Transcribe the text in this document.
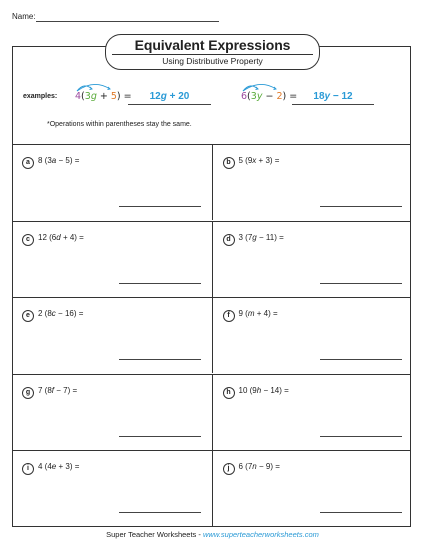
Name:
Equivalent Expressions
Using Distributive Property
examples: 4(3g + 5) =	12g + 20	6(3y − 2) =	18y − 12
*Operations within parentheses stay the same.
a 8 (3a − 5) =	b 5 (9x + 3) =
c 12 (6d + 4) =	d 3 (7g − 11) =
e 2 (8c − 16) =	f 9 (m + 4) =
g 7 (8f − 7) =	h 10 (9h − 14) =
i 4 (4e + 3) =	j 6 (7n − 9) =
Super Teacher Worksheets - www.superteacherworksheets.com
